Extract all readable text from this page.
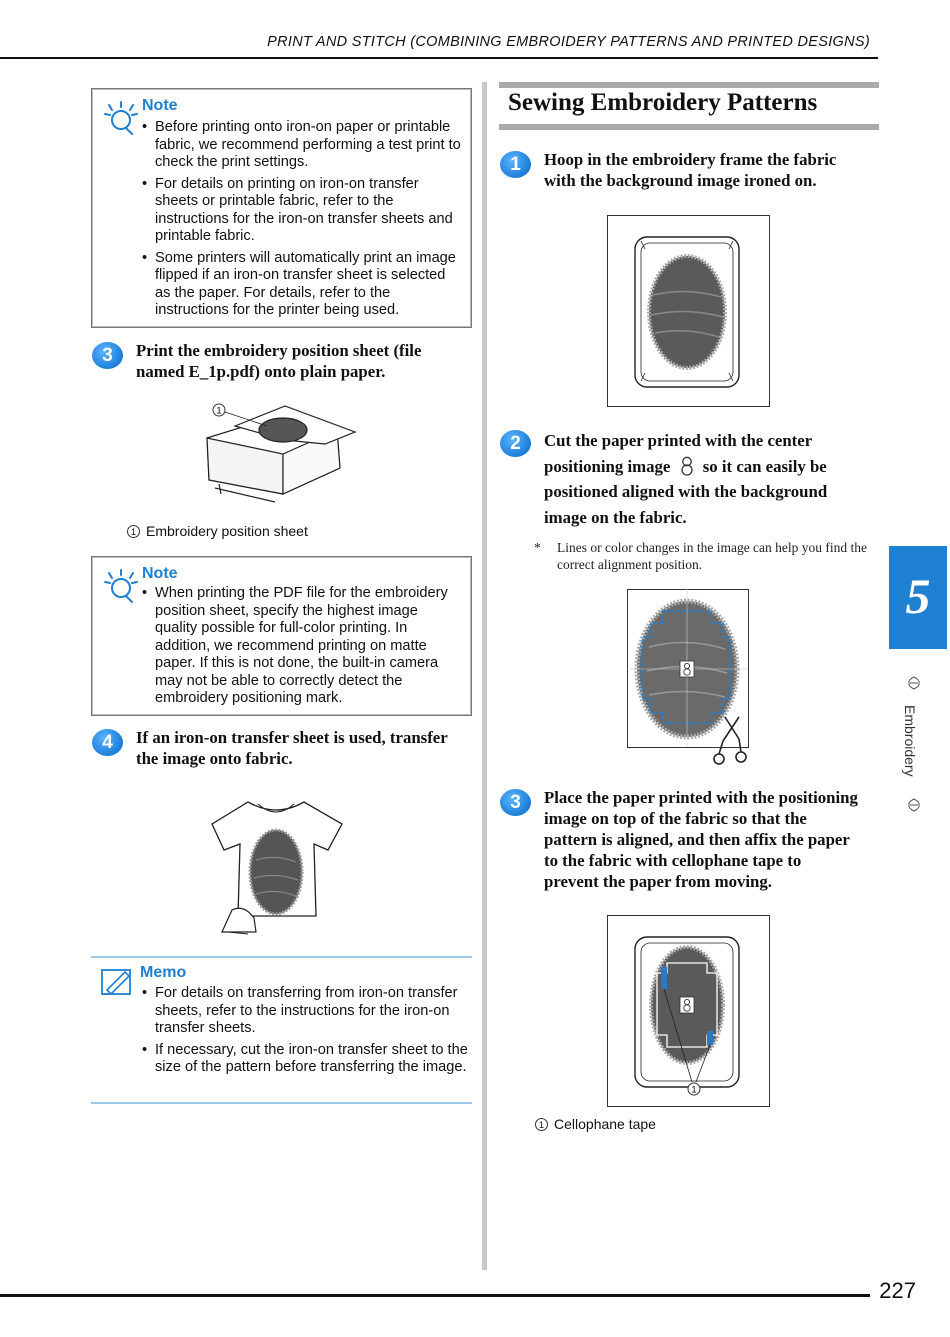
PRINT AND STITCH (COMBINING EMBROIDERY PATTERNS AND PRINTED DESIGNS)
Note
• Before printing onto iron-on paper or printable fabric, we recommend performing a test print to check the print settings.
• For details on printing on iron-on transfer sheets or printable fabric, refer to the instructions for the iron-on transfer sheets and printable fabric.
• Some printers will automatically print an image flipped if an iron-on transfer sheet is selected as the paper. For details, refer to the instructions for the printer being used.
3	Print the embroidery position sheet (file
named E_1p.pdf) onto plain paper.
1
1 Embroidery position sheet
Note
• When printing the PDF file for the embroidery position sheet, specify the highest image quality possible for full-color printing. In addition, we recommend printing on matte paper. If this is not done, the built-in camera may not be able to correctly detect the embroidery positioning mark.
4	If an iron-on transfer sheet is used, transfer
the image onto fabric.
Memo
• For details on transferring from iron-on transfer sheets, refer to the instructions for the iron-on transfer sheets.
• If necessary, cut the iron-on transfer sheet to the size of the pattern before transferring the image.
Sewing Embroidery Patterns
1	Hoop in the embroidery frame the fabric
with the background image ironed on.
2	Cut the paper printed with the center
positioning image so it can easily be
positioned aligned with the background
image on the fabric.
*	Lines or color changes in the image can help you find the correct alignment position.
3	Place the paper printed with the positioning
image on top of the fabric so that the
pattern is aligned, and then affix the paper
to the fabric with cellophane tape to
prevent the paper from moving.
1
1 Cellophane tape
5
Embroidery
227
